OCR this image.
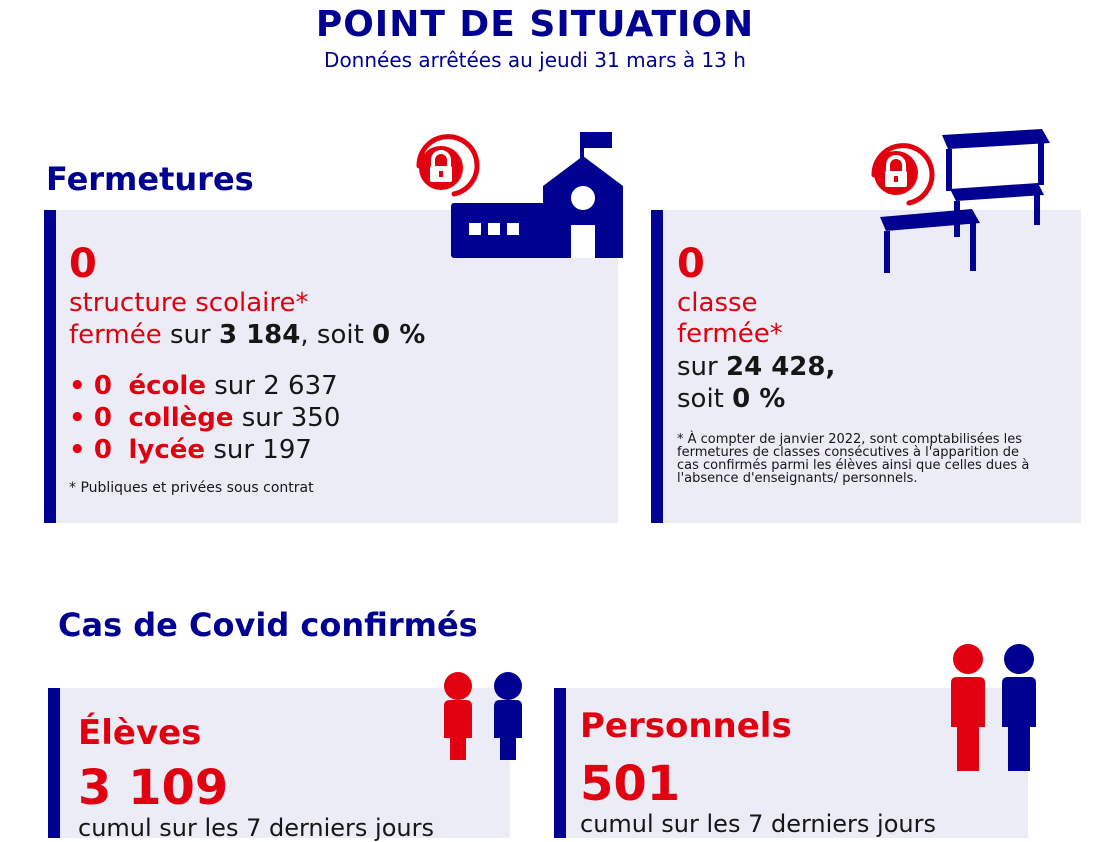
POINT DE SITUATION
Données arrêtées au jeudi 31 mars à 13 h
Fermetures
0
structure scolaire*
fermée sur 3 184, soit 0 %
• 0 école sur 2 637
• 0 collège sur 350
• 0 lycée sur 197
* Publiques et privées sous contrat
0
classe
fermée*
sur 24 428,
soit 0 %
* À compter de janvier 2022, sont comptabilisées les
fermetures de classes consécutives à l'apparition de
cas confirmés parmi les élèves ainsi que celles dues à
l'absence d'enseignants/ personnels.
Cas de Covid confirmés
Élèves
3 109
cumul sur les 7 derniers jours
Personnels
501
cumul sur les 7 derniers jours
